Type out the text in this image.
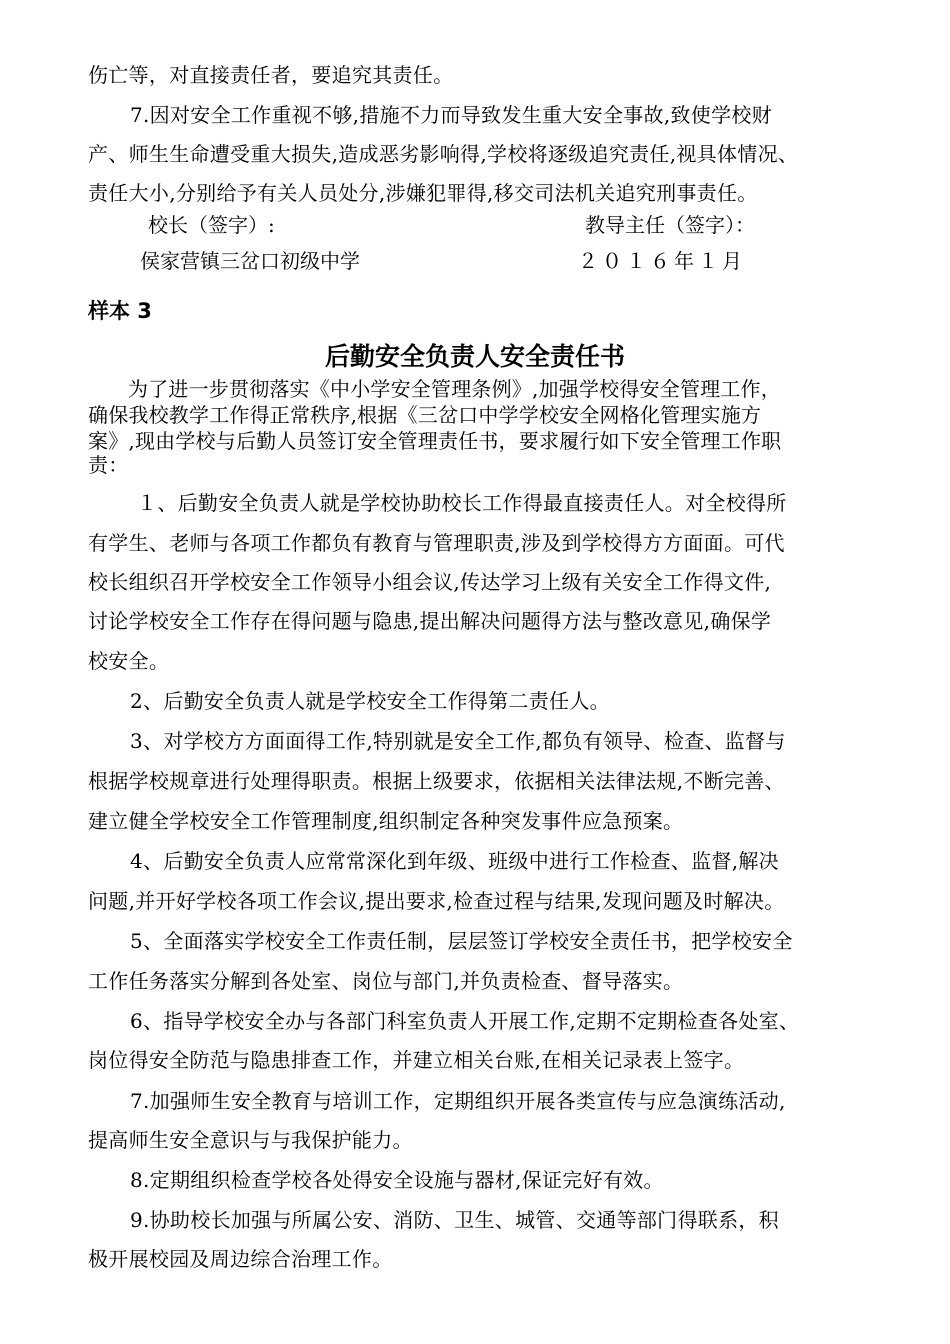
伤亡等，对直接责任者，要追究其责任。
7.因对安全工作重视不够,措施不力而导致发生重大安全事故,致使学校财
产、师生生命遭受重大损失,造成恶劣影响得,学校将逐级追究责任,视具体情况、
责任大小,分别给予有关人员处分,涉嫌犯罪得,移交司法机关追究刑事责任。
校长（签字）:	教导主任（签字）：
侯家营镇三岔口初级中学	２０１６年１月
样本 3
后勤安全负责人安全责任书
为了进一步贯彻落实《中小学安全管理条例》,加强学校得安全管理工作，
确保我校教学工作得正常秩序,根据《三岔口中学学校安全网格化管理实施方
案》,现由学校与后勤人员签订安全管理责任书，要求履行如下安全管理工作职
责：
１、后勤安全负责人就是学校协助校长工作得最直接责任人。对全校得所
有学生、老师与各项工作都负有教育与管理职责,涉及到学校得方方面面。可代
校长组织召开学校安全工作领导小组会议,传达学习上级有关安全工作得文件,
讨论学校安全工作存在得问题与隐患,提出解决问题得方法与整改意见,确保学
校安全。
2、后勤安全负责人就是学校安全工作得第二责任人。
3、对学校方方面面得工作,特别就是安全工作,都负有领导、检查、监督与
根据学校规章进行处理得职责。根据上级要求，依据相关法律法规,不断完善、
建立健全学校安全工作管理制度,组织制定各种突发事件应急预案。
4、后勤安全负责人应常常深化到年级、班级中进行工作检查、监督,解决
问题,并开好学校各项工作会议,提出要求,检查过程与结果,发现问题及时解决。
5、全面落实学校安全工作责任制，层层签订学校安全责任书，把学校安全
工作任务落实分解到各处室、岗位与部门,并负责检查、督导落实。
6、指导学校安全办与各部门科室负责人开展工作,定期不定期检查各处室、
岗位得安全防范与隐患排查工作，并建立相关台账,在相关记录表上签字。
7.加强师生安全教育与培训工作，定期组织开展各类宣传与应急演练活动,
提高师生安全意识与与我保护能力。
8.定期组织检查学校各处得安全设施与器材,保证完好有效。
9.协助校长加强与所属公安、消防、卫生、城管、交通等部门得联系，积
极开展校园及周边综合治理工作。
